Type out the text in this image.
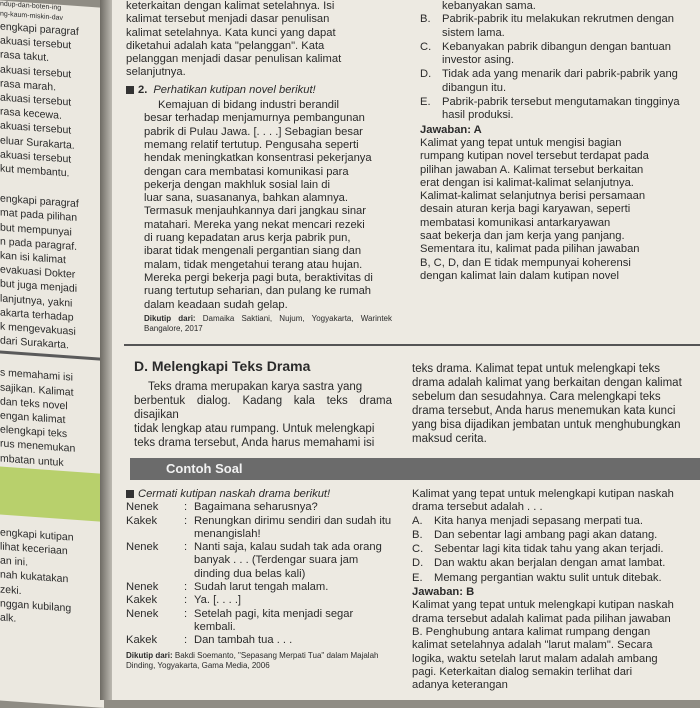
ndup-dan-boten-ing
ng-kaum-miskin-dav
engkapi paragraf
akuasi tersebut
rasa takut.
akuasi tersebut
rasa marah.
akuasi tersebut
rasa kecewa.
akuasi tersebut
eluar Surakarta.
akuasi tersebut
kut membantu.
engkapi paragraf
mat pada pilihan
but mempunyai
n pada paragraf.
kan isi kalimat
evakuasi Dokter
but juga menjadi
lanjutnya, yakni
akarta terhadap
k mengevakuasi
dari Surakarta.
s memahami isi
sajikan. Kalimat
dan teks novel
engan kalimat
elengkapi teks
rus menemukan
mbatan untuk
engkapi kutipan
lihat keceriaan
an ini.
nah kukatakan
zeki.
nggan kubilang
alk.
keterkaitan dengan kalimat setelahnya. Isi
kalimat tersebut menjadi dasar penulisan
kalimat setelahnya. Kata kunci yang dapat
diketahui adalah kata "pelanggan". Kata
pelanggan menjadi dasar penulisan kalimat
selanjutnya.
2. Perhatikan kutipan novel berikut!
Kemajuan di bidang industri berandil
besar terhadap menjamurnya pembangunan
pabrik di Pulau Jawa. [. . . .] Sebagian besar
memang relatif tertutup. Pengusaha seperti
hendak meningkatkan konsentrasi pekerjanya
dengan cara membatasi komunikasi para
pekerja dengan makhluk sosial lain di
luar sana, suasananya, bahkan alamnya.
Termasuk menjauhkannya dari jangkau sinar
matahari. Mereka yang nekat mencari rezeki
di ruang kepadatan arus kerja pabrik pun,
ibarat tidak mengenali pergantian siang dan
malam, tidak mengetahui terang atau hujan.
Mereka pergi bekerja pagi buta, beraktivitas di
ruang tertutup seharian, dan pulang ke rumah
dalam keadaan sudah gelap.
Dikutip dari: Damaika Saktiani, Nujum, Yogyakarta, Warintek Bangalore, 2017
kebanyakan sama.
B.	Pabrik-pabrik itu melakukan rekrutmen dengan sistem lama.
C. Kebanyakan pabrik dibangun dengan bantuan investor asing.
D. Tidak ada yang menarik dari pabrik-pabrik yang dibangun itu.
E.	Pabrik-pabrik tersebut mengutamakan tingginya hasil produksi.
Jawaban: A
Kalimat yang tepat untuk mengisi bagian
rumpang kutipan novel tersebut terdapat pada
pilihan jawaban A. Kalimat tersebut berkaitan
erat dengan isi kalimat-kalimat selanjutnya.
Kalimat-kalimat selanjutnya berisi persamaan
desain aturan kerja bagi karyawan, seperti
membatasi komunikasi antarkaryawan
saat bekerja dan jam kerja yang panjang.
Sementara itu, kalimat pada pilihan jawaban
B, C, D, dan E tidak mempunyai koherensi
dengan kalimat lain dalam kutipan novel
D. Melengkapi Teks Drama
Teks drama merupakan karya sastra yang
berbentuk dialog. Kadang kala teks drama disajikan
tidak lengkap atau rumpang. Untuk melengkapi
teks drama tersebut, Anda harus memahami isi
teks drama. Kalimat tepat untuk melengkapi teks
drama adalah kalimat yang berkaitan dengan kalimat
sebelum dan sesudahnya. Cara melengkapi teks
drama tersebut, Anda harus menemukan kata kunci
yang bisa dijadikan jembatan untuk menghubungkan
maksud cerita.
Contoh Soal
Cermati kutipan naskah drama berikut!
Nenek	: Bagaimana seharusnya?
Kakek	: Renungkan dirimu sendiri dan sudah itu menangislah!
Nenek	: Nanti saja, kalau sudah tak ada orang banyak . . . (Terdengar suara jam dinding dua belas kali)
Nenek	: Sudah larut tengah malam.
Kakek	: Ya. [. . . .]
Nenek	: Setelah pagi, kita menjadi segar kembali.
Kakek	: Dan tambah tua . . .
Dikutip dari: Bakdi Soemanto, "Sepasang Merpati Tua" dalam Majalah Dinding, Yogyakarta, Gama Media, 2006
Kalimat yang tepat untuk melengkapi kutipan naskah drama tersebut adalah . . .
A.	Kita hanya menjadi sepasang merpati tua.
B.	Dan sebentar lagi ambang pagi akan datang.
C. Sebentar lagi kita tidak tahu yang akan terjadi.
D. Dan waktu akan berjalan dengan amat lambat.
E.	Memang pergantian waktu sulit untuk ditebak.
Jawaban: B
Kalimat yang tepat untuk melengkapi kutipan naskah
drama tersebut adalah kalimat pada pilihan jawaban
B. Penghubung antara kalimat rumpang dengan
kalimat setelahnya adalah "larut malam". Secara
logika, waktu setelah larut malam adalah ambang
pagi. Keterkaitan dialog semakin terlihat dari
adanya keterangan
